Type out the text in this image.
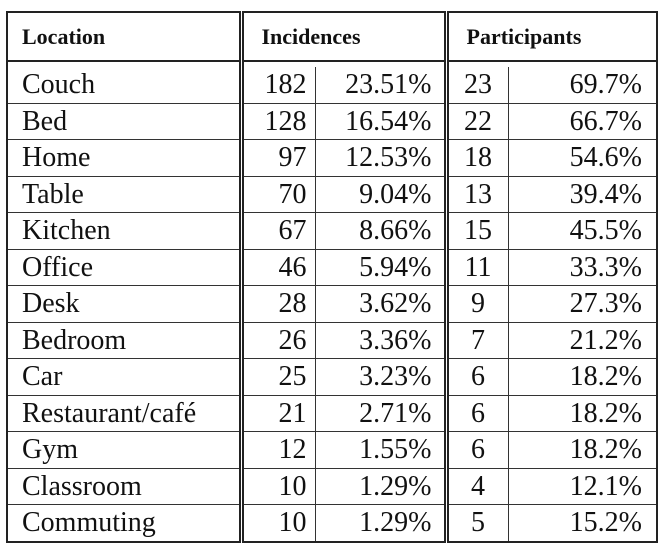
Location	Incidences		Participants	

Couch	182	23.51%	23	69.7%
Bed	128	16.54%	22	66.7%
Home	97	12.53%	18	54.6%
Table	70	9.04%	13	39.4%
Kitchen	67	8.66%	15	45.5%
Office	46	5.94%	11	33.3%
Desk	28	3.62%	9	27.3%
Bedroom	26	3.36%	7	21.2%
Car	25	3.23%	6	18.2%
Restaurant/café	21	2.71%	6	18.2%
Gym	12	1.55%	6	18.2%
Classroom	10	1.29%	4	12.1%
Commuting	10	1.29%	5	15.2%
